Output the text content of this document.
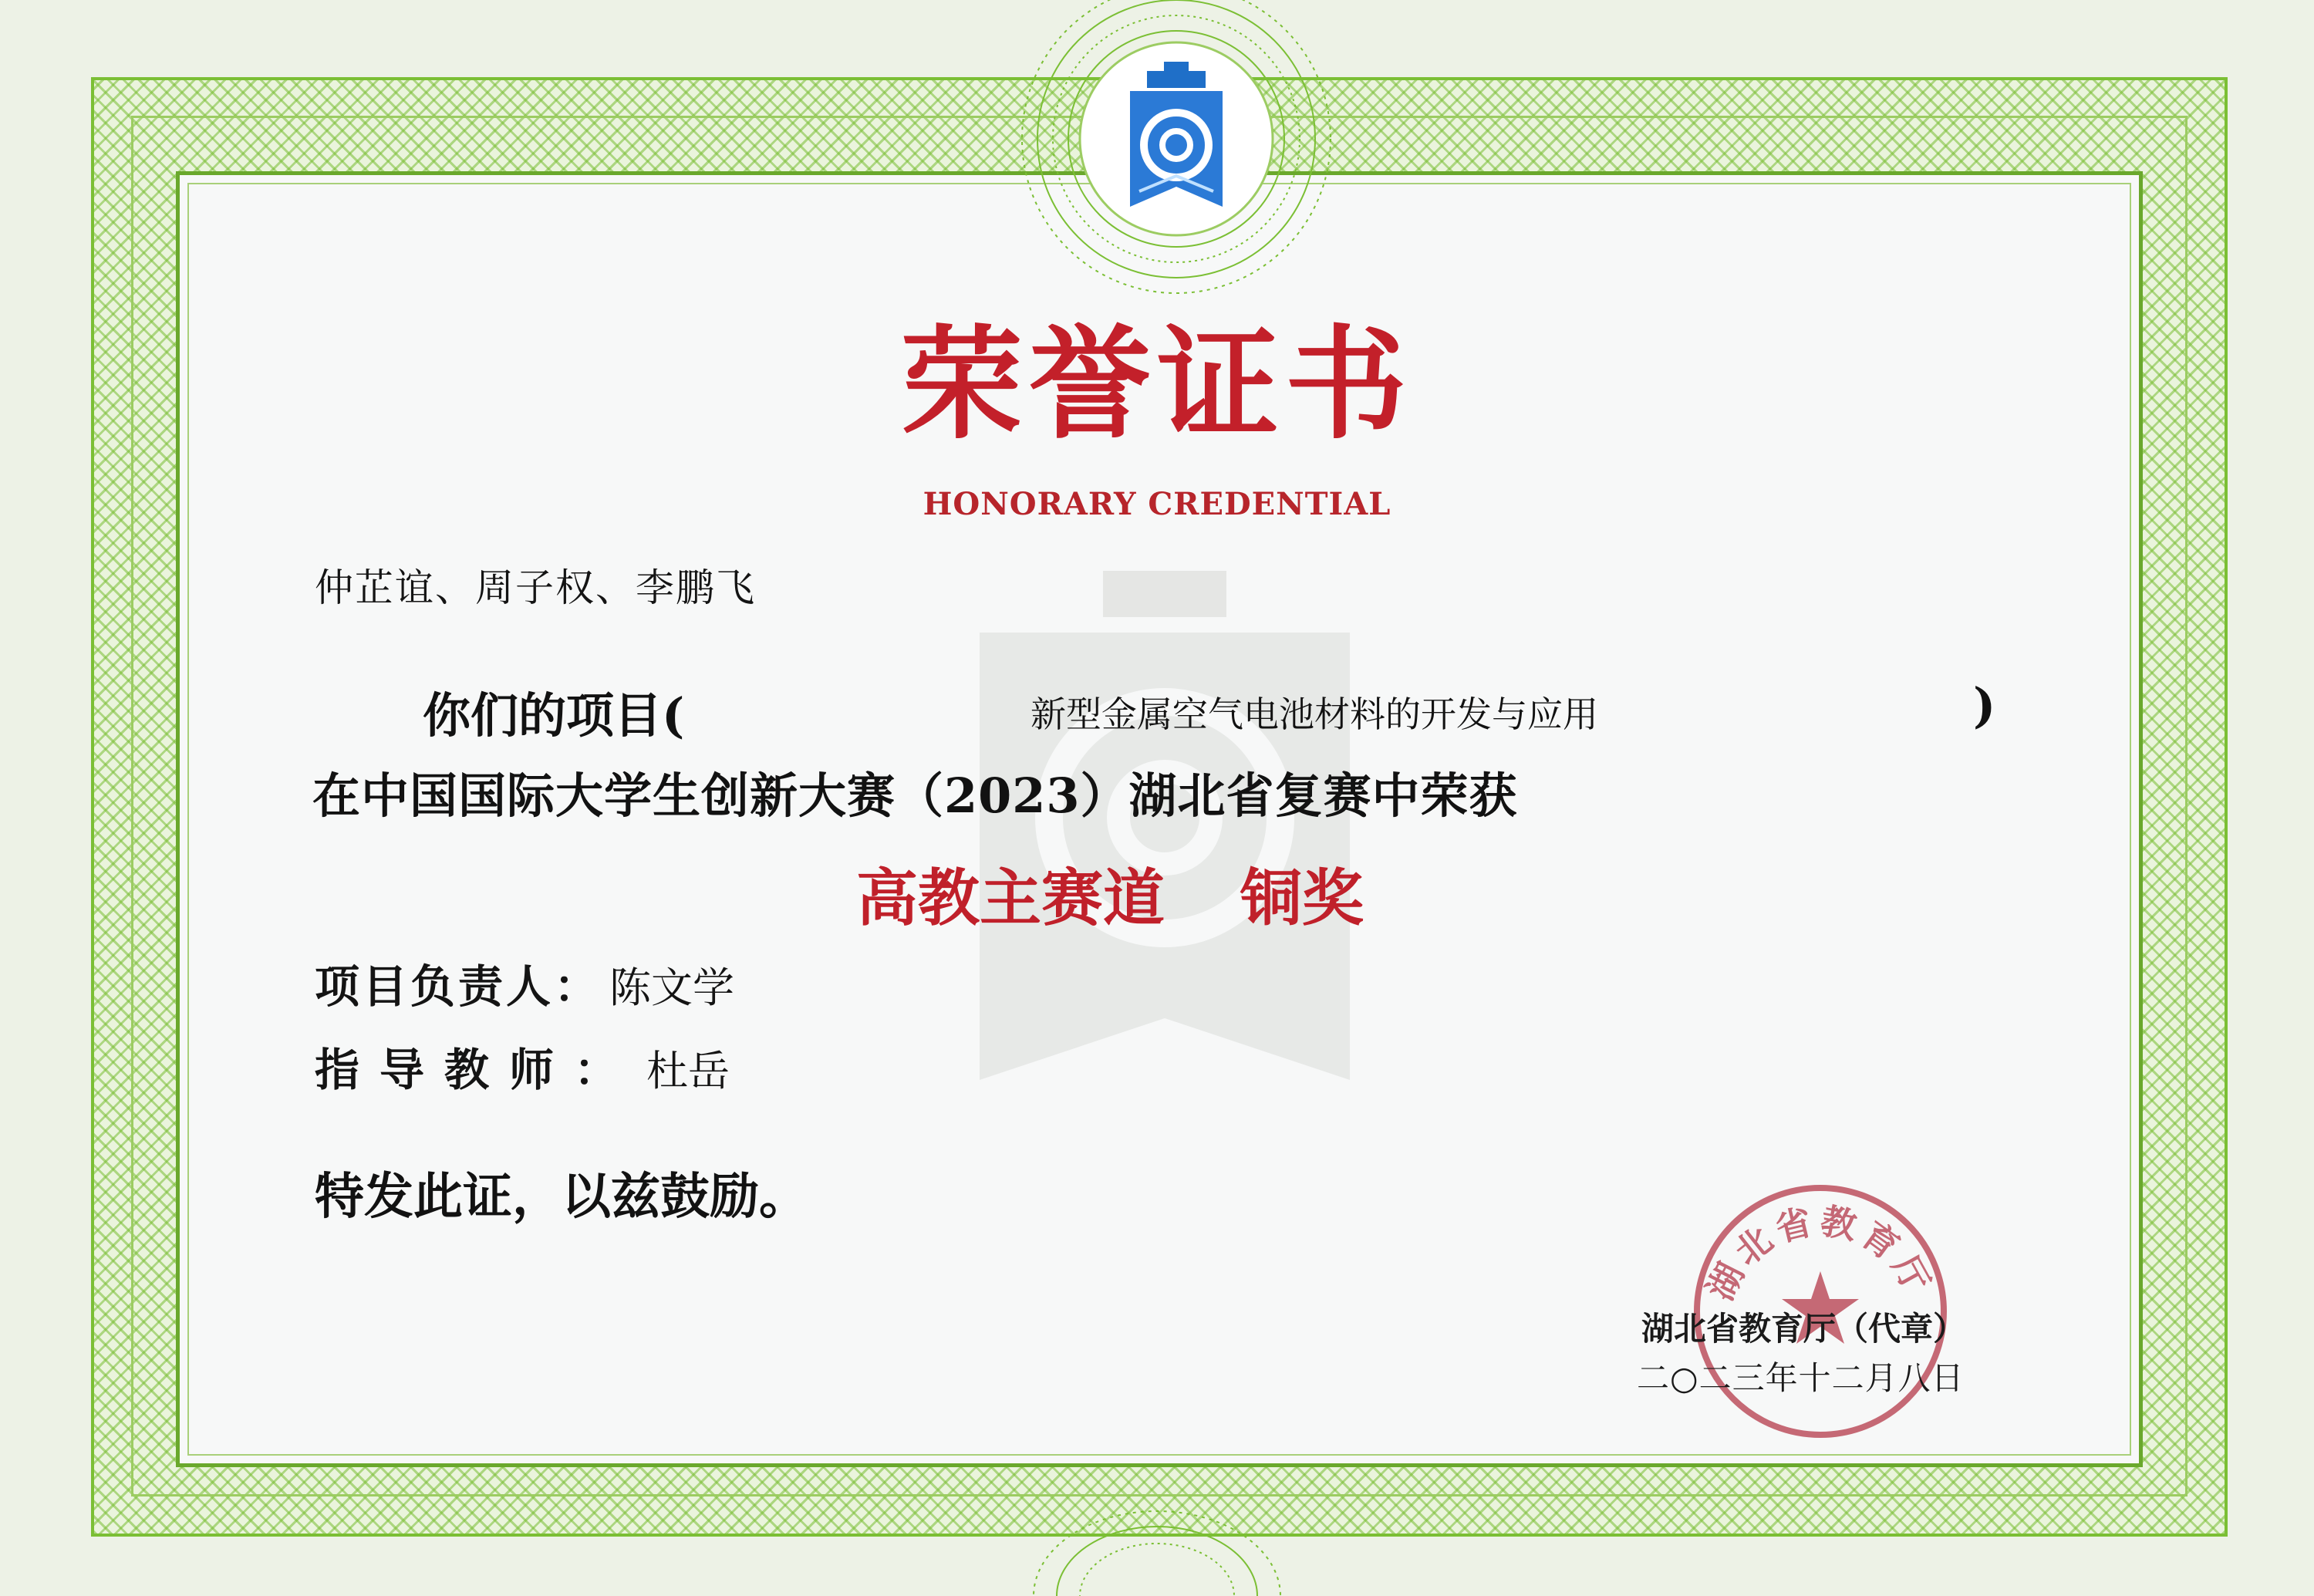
荣誉证书
HONORARY CREDENTIAL
仲芷谊、周子权、李鹏飞
你们的项目(	新型金属空气电池材料的开发与应用	)
在中国国际大学生创新大赛（2023）湖北省复赛中荣获
高教主赛道 铜奖
项目负责人： 陈文学
指导教师： 杜岳
特发此证，以兹鼓励。
湖北省教育厅
湖北省教育厅（代章）
二○二三年十二月八日
